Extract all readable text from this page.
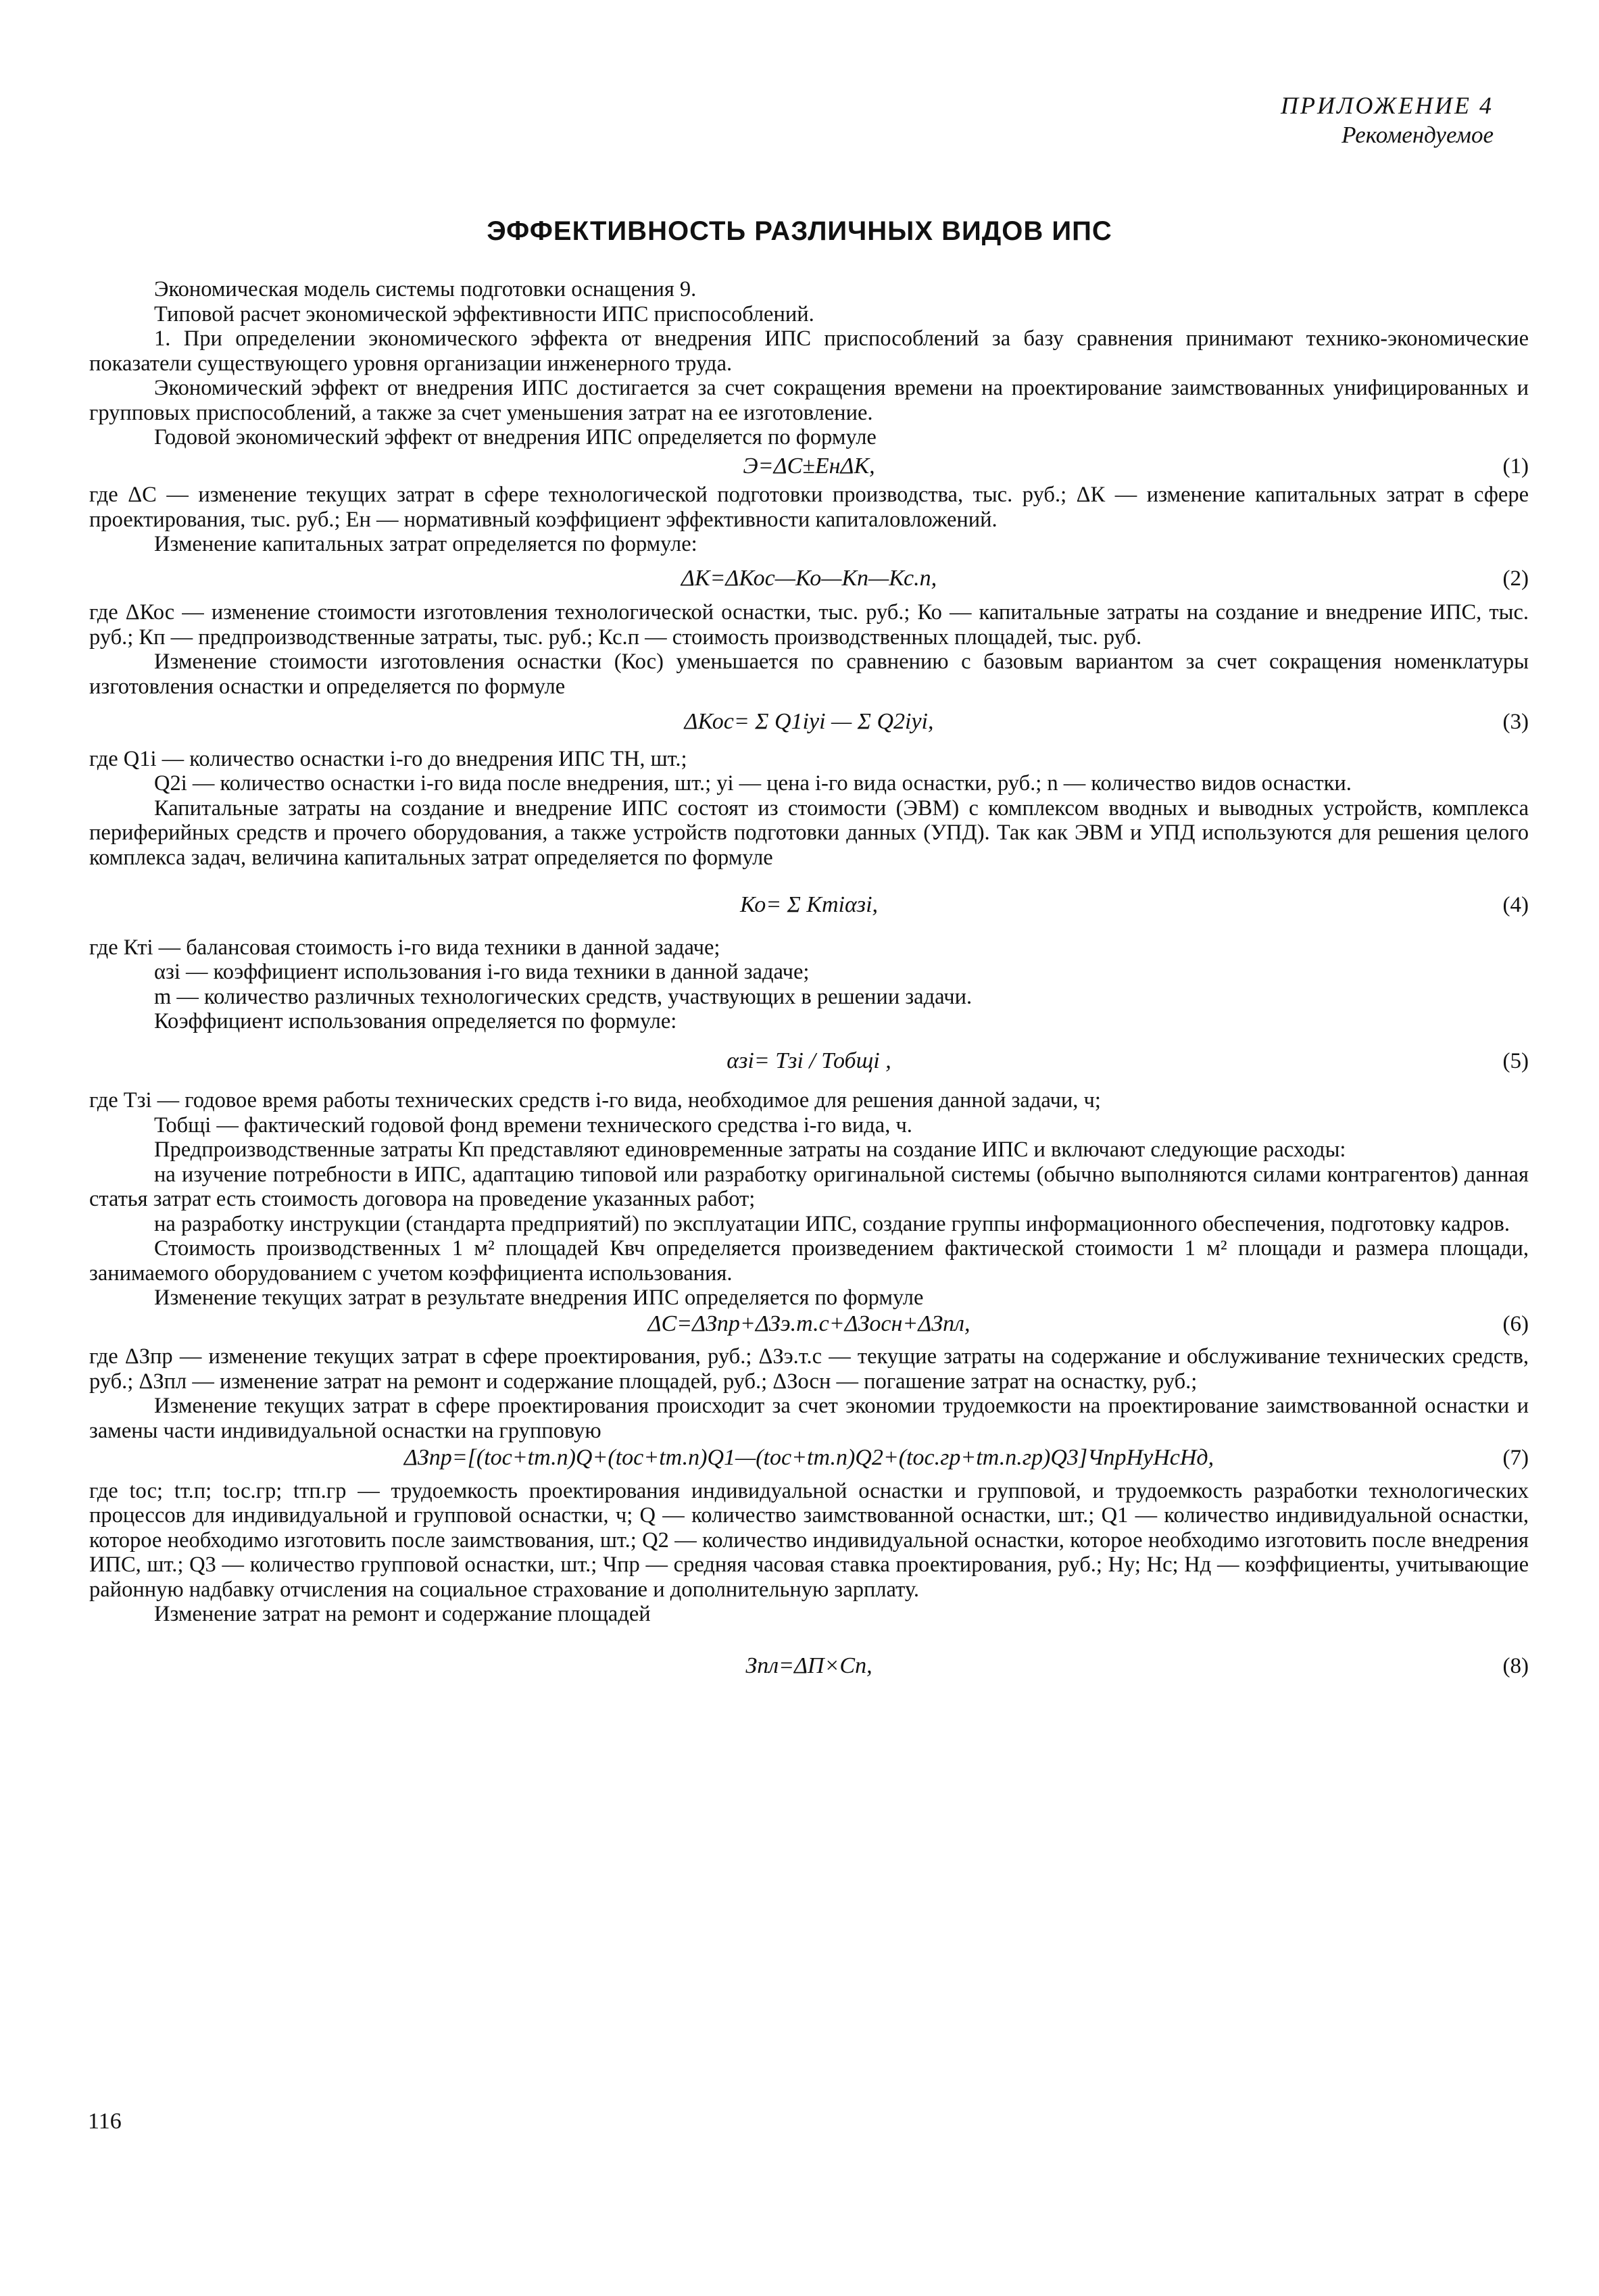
ПРИЛОЖЕНИЕ 4
Рекомендуемое
ЭФФЕКТИВНОСТЬ РАЗЛИЧНЫХ ВИДОВ ИПС
Экономическая модель системы подготовки оснащения 9.
Типовой расчет экономической эффективности ИПС приспособлений.
1. При определении экономического эффекта от внедрения ИПС приспособлений за базу сравнения принимают технико-экономические показатели существующего уровня организации инженерного труда.
Экономический эффект от внедрения ИПС достигается за счет сокращения времени на проектирование заимствованных унифицированных и групповых приспособлений, а также за счет уменьшения затрат на ее изготовление.
Годовой экономический эффект от внедрения ИПС определяется по формуле
Э=ΔС±ЕнΔК,	(1)
где ΔС — изменение текущих затрат в сфере технологической подготовки производства, тыс. руб.; ΔК — изменение капитальных затрат в сфере проектирования, тыс. руб.; Ен — нормативный коэффициент эффективности капиталовложений.
Изменение капитальных затрат определяется по формуле:
ΔК=ΔКос—Ко—Кп—Кс.п,	(2)
где ΔКос — изменение стоимости изготовления технологической оснастки, тыс. руб.; Ко — капитальные затраты на создание и внедрение ИПС, тыс. руб.; Кп — предпроизводственные затраты, тыс. руб.; Кс.п — стоимость производственных площадей, тыс. руб.
Изменение стоимости изготовления оснастки (Кос) уменьшается по сравнению с базовым вариантом за счет сокращения номенклатуры изготовления оснастки и определяется по формуле
ΔКос= Σ Q1iyi — Σ Q2iyi,	(3)
где Q1i — количество оснастки i-го до внедрения ИПС ТН, шт.;
Q2i — количество оснастки i-го вида после внедрения, шт.; yi — цена i-го вида оснастки, руб.; n — количество видов оснастки.
Капитальные затраты на создание и внедрение ИПС состоят из стоимости (ЭВМ) с комплексом вводных и выводных устройств, комплекса периферийных средств и прочего оборудования, а также устройств подготовки данных (УПД). Так как ЭВМ и УПД используются для решения целого комплекса задач, величина капитальных затрат определяется по формуле
Ко= Σ Ктiαзi,	(4)
где Ктi — балансовая стоимость i-го вида техники в данной задаче;
αзi — коэффициент использования i-го вида техники в данной задаче;
m — количество различных технологических средств, участвующих в решении задачи.
Коэффициент использования определяется по формуле:
αзi= Тзi / Тобщi ,	(5)
где Тзi — годовое время работы технических средств i-го вида, необходимое для решения данной задачи, ч;
Тобщi — фактический годовой фонд времени технического средства i-го вида, ч.
Предпроизводственные затраты Кп представляют единовременные затраты на создание ИПС и включают следующие расходы:
на изучение потребности в ИПС, адаптацию типовой или разработку оригинальной системы (обычно выполняются силами контрагентов) данная статья затрат есть стоимость договора на проведение указанных работ;
на разработку инструкции (стандарта предприятий) по эксплуатации ИПС, создание группы информационного обеспечения, подготовку кадров.
Стоимость производственных 1 м² площадей Квч определяется произведением фактической стоимости 1 м² площади и размера площади, занимаемого оборудованием с учетом коэффициента использования.
Изменение текущих затрат в результате внедрения ИПС определяется по формуле
ΔС=ΔЗпр+ΔЗэ.т.с+ΔЗосн+ΔЗпл,	(6)
где ΔЗпр — изменение текущих затрат в сфере проектирования, руб.; ΔЗэ.т.с — текущие затраты на содержание и обслуживание технических средств, руб.; ΔЗпл — изменение затрат на ремонт и содержание площадей, руб.; ΔЗосн — погашение затрат на оснастку, руб.;
Изменение текущих затрат в сфере проектирования происходит за счет экономии трудоемкости на проектирование заимствованной оснастки и замены части индивидуальной оснастки на групповую
ΔЗпр=[(tос+tт.п)Q+(tос+tт.п)Q1—(tос+tт.п)Q2+(tос.гр+tт.п.гр)Q3]ЧпрНуНсНд,	(7)
где tос; tт.п; tос.гр; tтп.гр — трудоемкость проектирования индивидуальной оснастки и групповой, и трудоемкость разработки технологических процессов для индивидуальной и групповой оснастки, ч; Q — количество заимствованной оснастки, шт.; Q1 — количество индивидуальной оснастки, которое необходимо изготовить после заимствования, шт.; Q2 — количество индивидуальной оснастки, которое необходимо изготовить после внедрения ИПС, шт.; Q3 — количество групповой оснастки, шт.; Чпр — средняя часовая ставка проектирования, руб.; Ну; Нс; Нд — коэффициенты, учитывающие районную надбавку отчисления на социальное страхование и дополнительную зарплату.
Изменение затрат на ремонт и содержание площадей
Зпл=ΔП×Сп,	(8)
116
